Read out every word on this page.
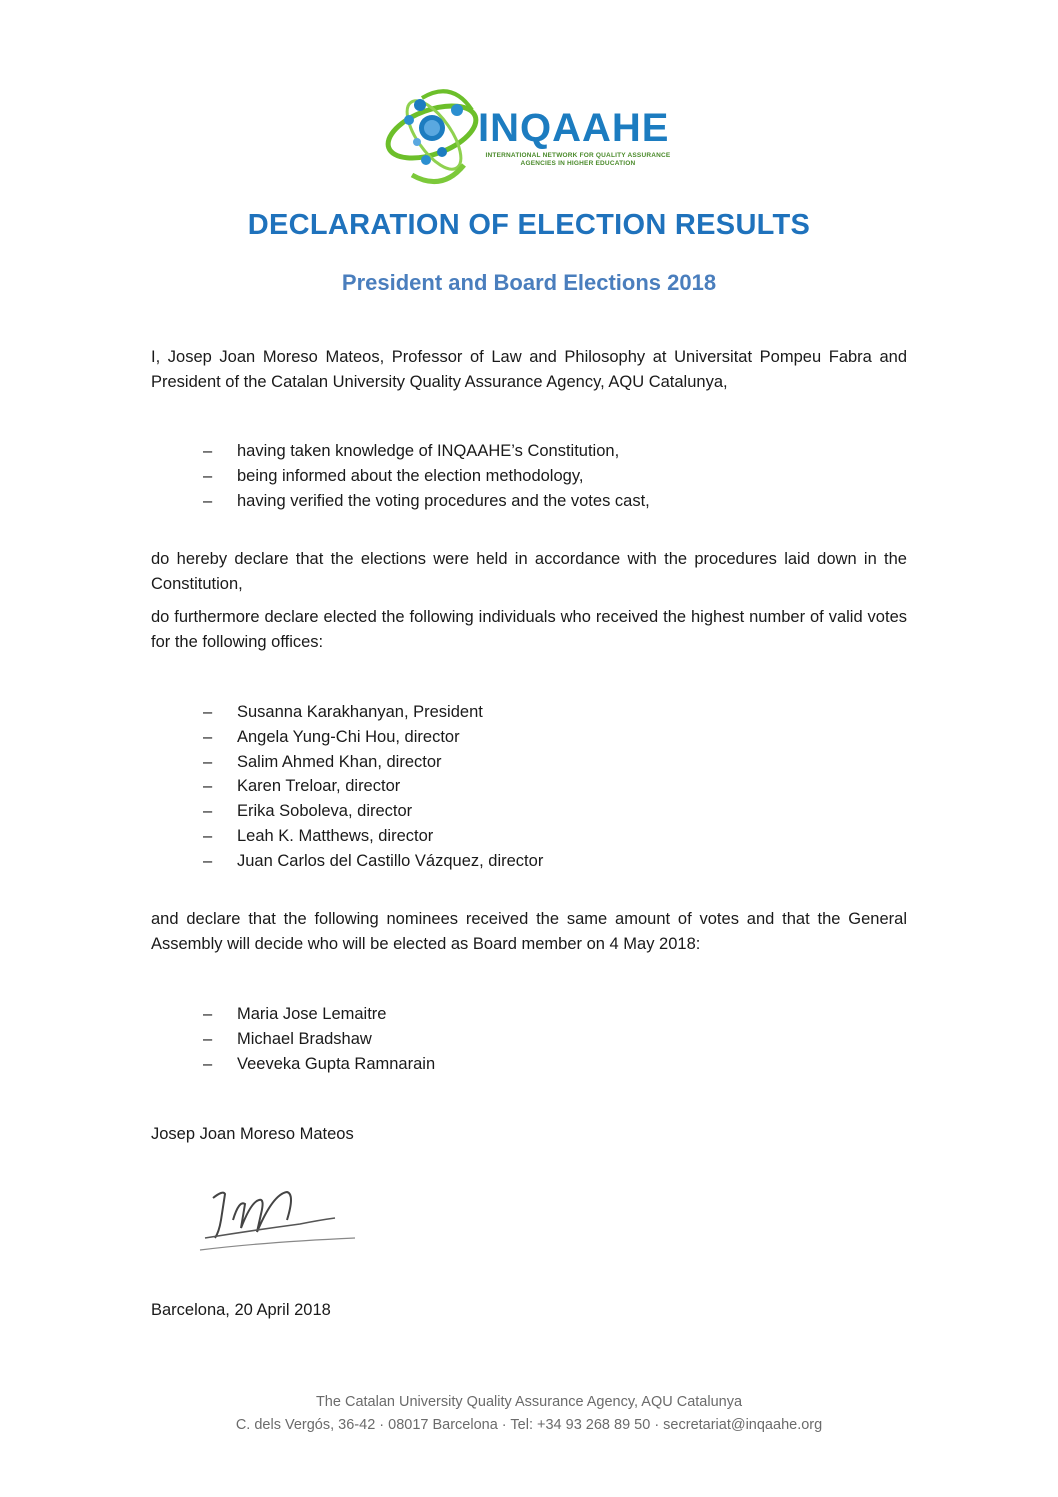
INQAAHE
INTERNATIONAL NETWORK FOR QUALITY ASSURANCE AGENCIES IN HIGHER EDUCATION
DECLARATION OF ELECTION RESULTS
President and Board Elections 2018
I, Josep Joan Moreso Mateos, Professor of Law and Philosophy at Universitat Pompeu Fabra and President of the Catalan University Quality Assurance Agency, AQU Catalunya,
– having taken knowledge of INQAAHE’s Constitution,
– being informed about the election methodology,
– having verified the voting procedures and the votes cast,
do hereby declare that the elections were held in accordance with the procedures laid down in the Constitution,
do furthermore declare elected the following individuals who received the highest number of valid votes for the following offices:
– Susanna Karakhanyan, President
– Angela Yung-Chi Hou, director
– Salim Ahmed Khan, director
– Karen Treloar, director
– Erika Soboleva, director
– Leah K. Matthews, director
– Juan Carlos del Castillo Vázquez, director
and declare that the following nominees received the same amount of votes and that the General Assembly will decide who will be elected as Board member on 4 May 2018:
– Maria Jose Lemaitre
– Michael Bradshaw
– Veeveka Gupta Ramnarain
Josep Joan Moreso Mateos
Barcelona, 20 April 2018
The Catalan University Quality Assurance Agency, AQU Catalunya
C. dels Vergós, 36-42 · 08017 Barcelona · Tel: +34 93 268 89 50 · secretariat@inqaahe.org
